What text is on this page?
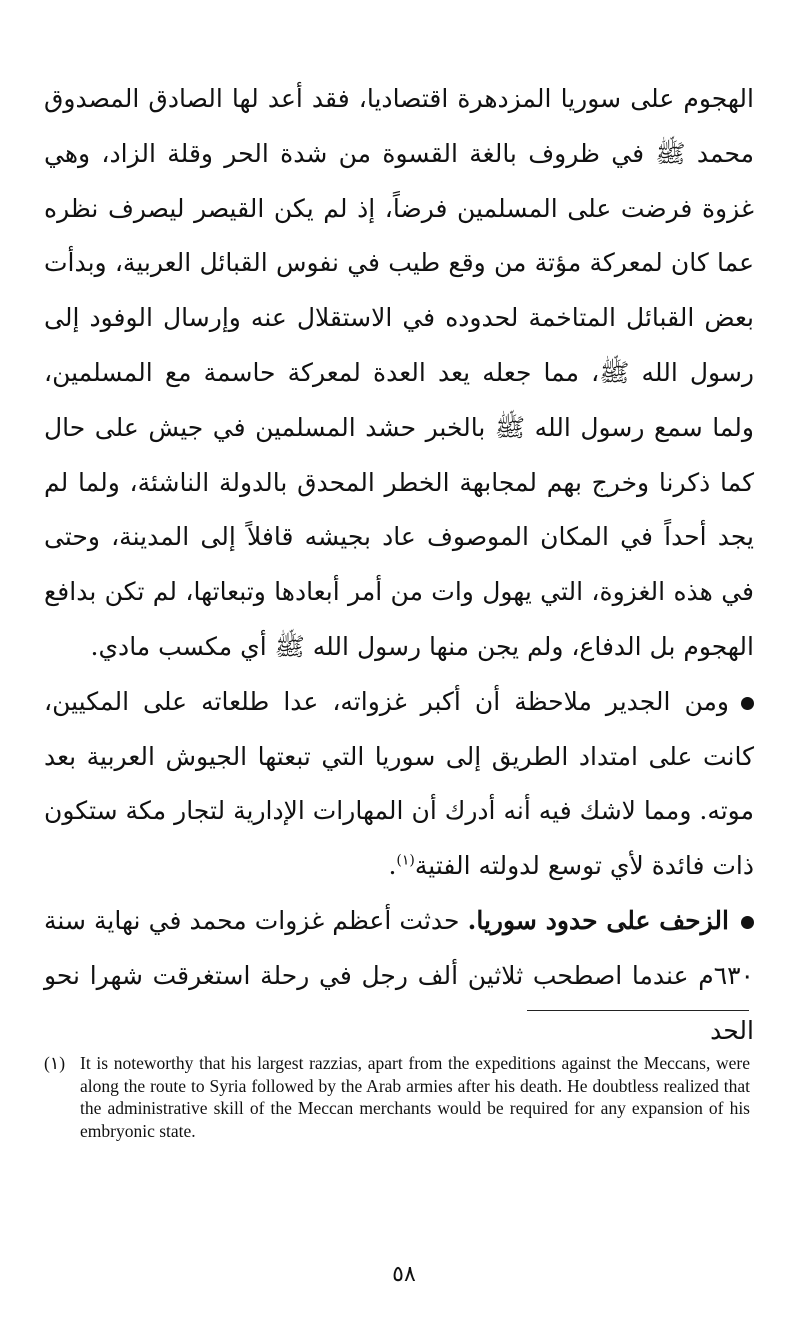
الهجوم على سوريا المزدهرة اقتصاديا، فقد أعد لها الصادق المصدوق محمد ﷺ في ظروف بالغة القسوة من شدة الحر وقلة الزاد، وهي غزوة فرضت على المسلمين فرضاً، إذ لم يكن القيصر ليصرف نظره عما كان لمعركة مؤتة من وقع طيب في نفوس القبائل العربية، وبدأت بعض القبائل المتاخمة لحدوده في الاستقلال عنه وإرسال الوفود إلى رسول الله ﷺ، مما جعله يعد العدة لمعركة حاسمة مع المسلمين، ولما سمع رسول الله ﷺ بالخبر حشد المسلمين في جيش على حال كما ذكرنا وخرج بهم لمجابهة الخطر المحدق بالدولة الناشئة، ولما لم يجد أحداً في المكان الموصوف عاد بجيشه قافلاً إلى المدينة، وحتى في هذه الغزوة، التي يهول وات من أمر أبعادها وتبعاتها، لم تكن بدافع الهجوم بل الدفاع، ولم يجن منها رسول الله ﷺ أي مكسب مادي.

ومن الجدير ملاحظة أن أكبر غزواته، عدا طلعاته على المكيين، كانت على امتداد الطريق إلى سوريا التي تبعتها الجيوش العربية بعد موته. ومما لاشك فيه أنه أدرك أن المهارات الإدارية لتجار مكة ستكون ذات فائدة لأي توسع لدولته الفتية$^{(١)}$.

الزحف على حدود سوريا. حدثت أعظم غزوات محمد في نهاية سنة ٦٣٠م عندما اصطحب ثلاثين ألف رجل في رحلة استغرقت شهرا نحو الحد

(١) It is noteworthy that his largest razzias, apart from the expeditions against the Meccans, were along the route to Syria followed by the Arab armies after his death. He doubtless realized that the administrative skill of the Meccan merchants would be required for any expansion of his embryonic state.
٥٨
